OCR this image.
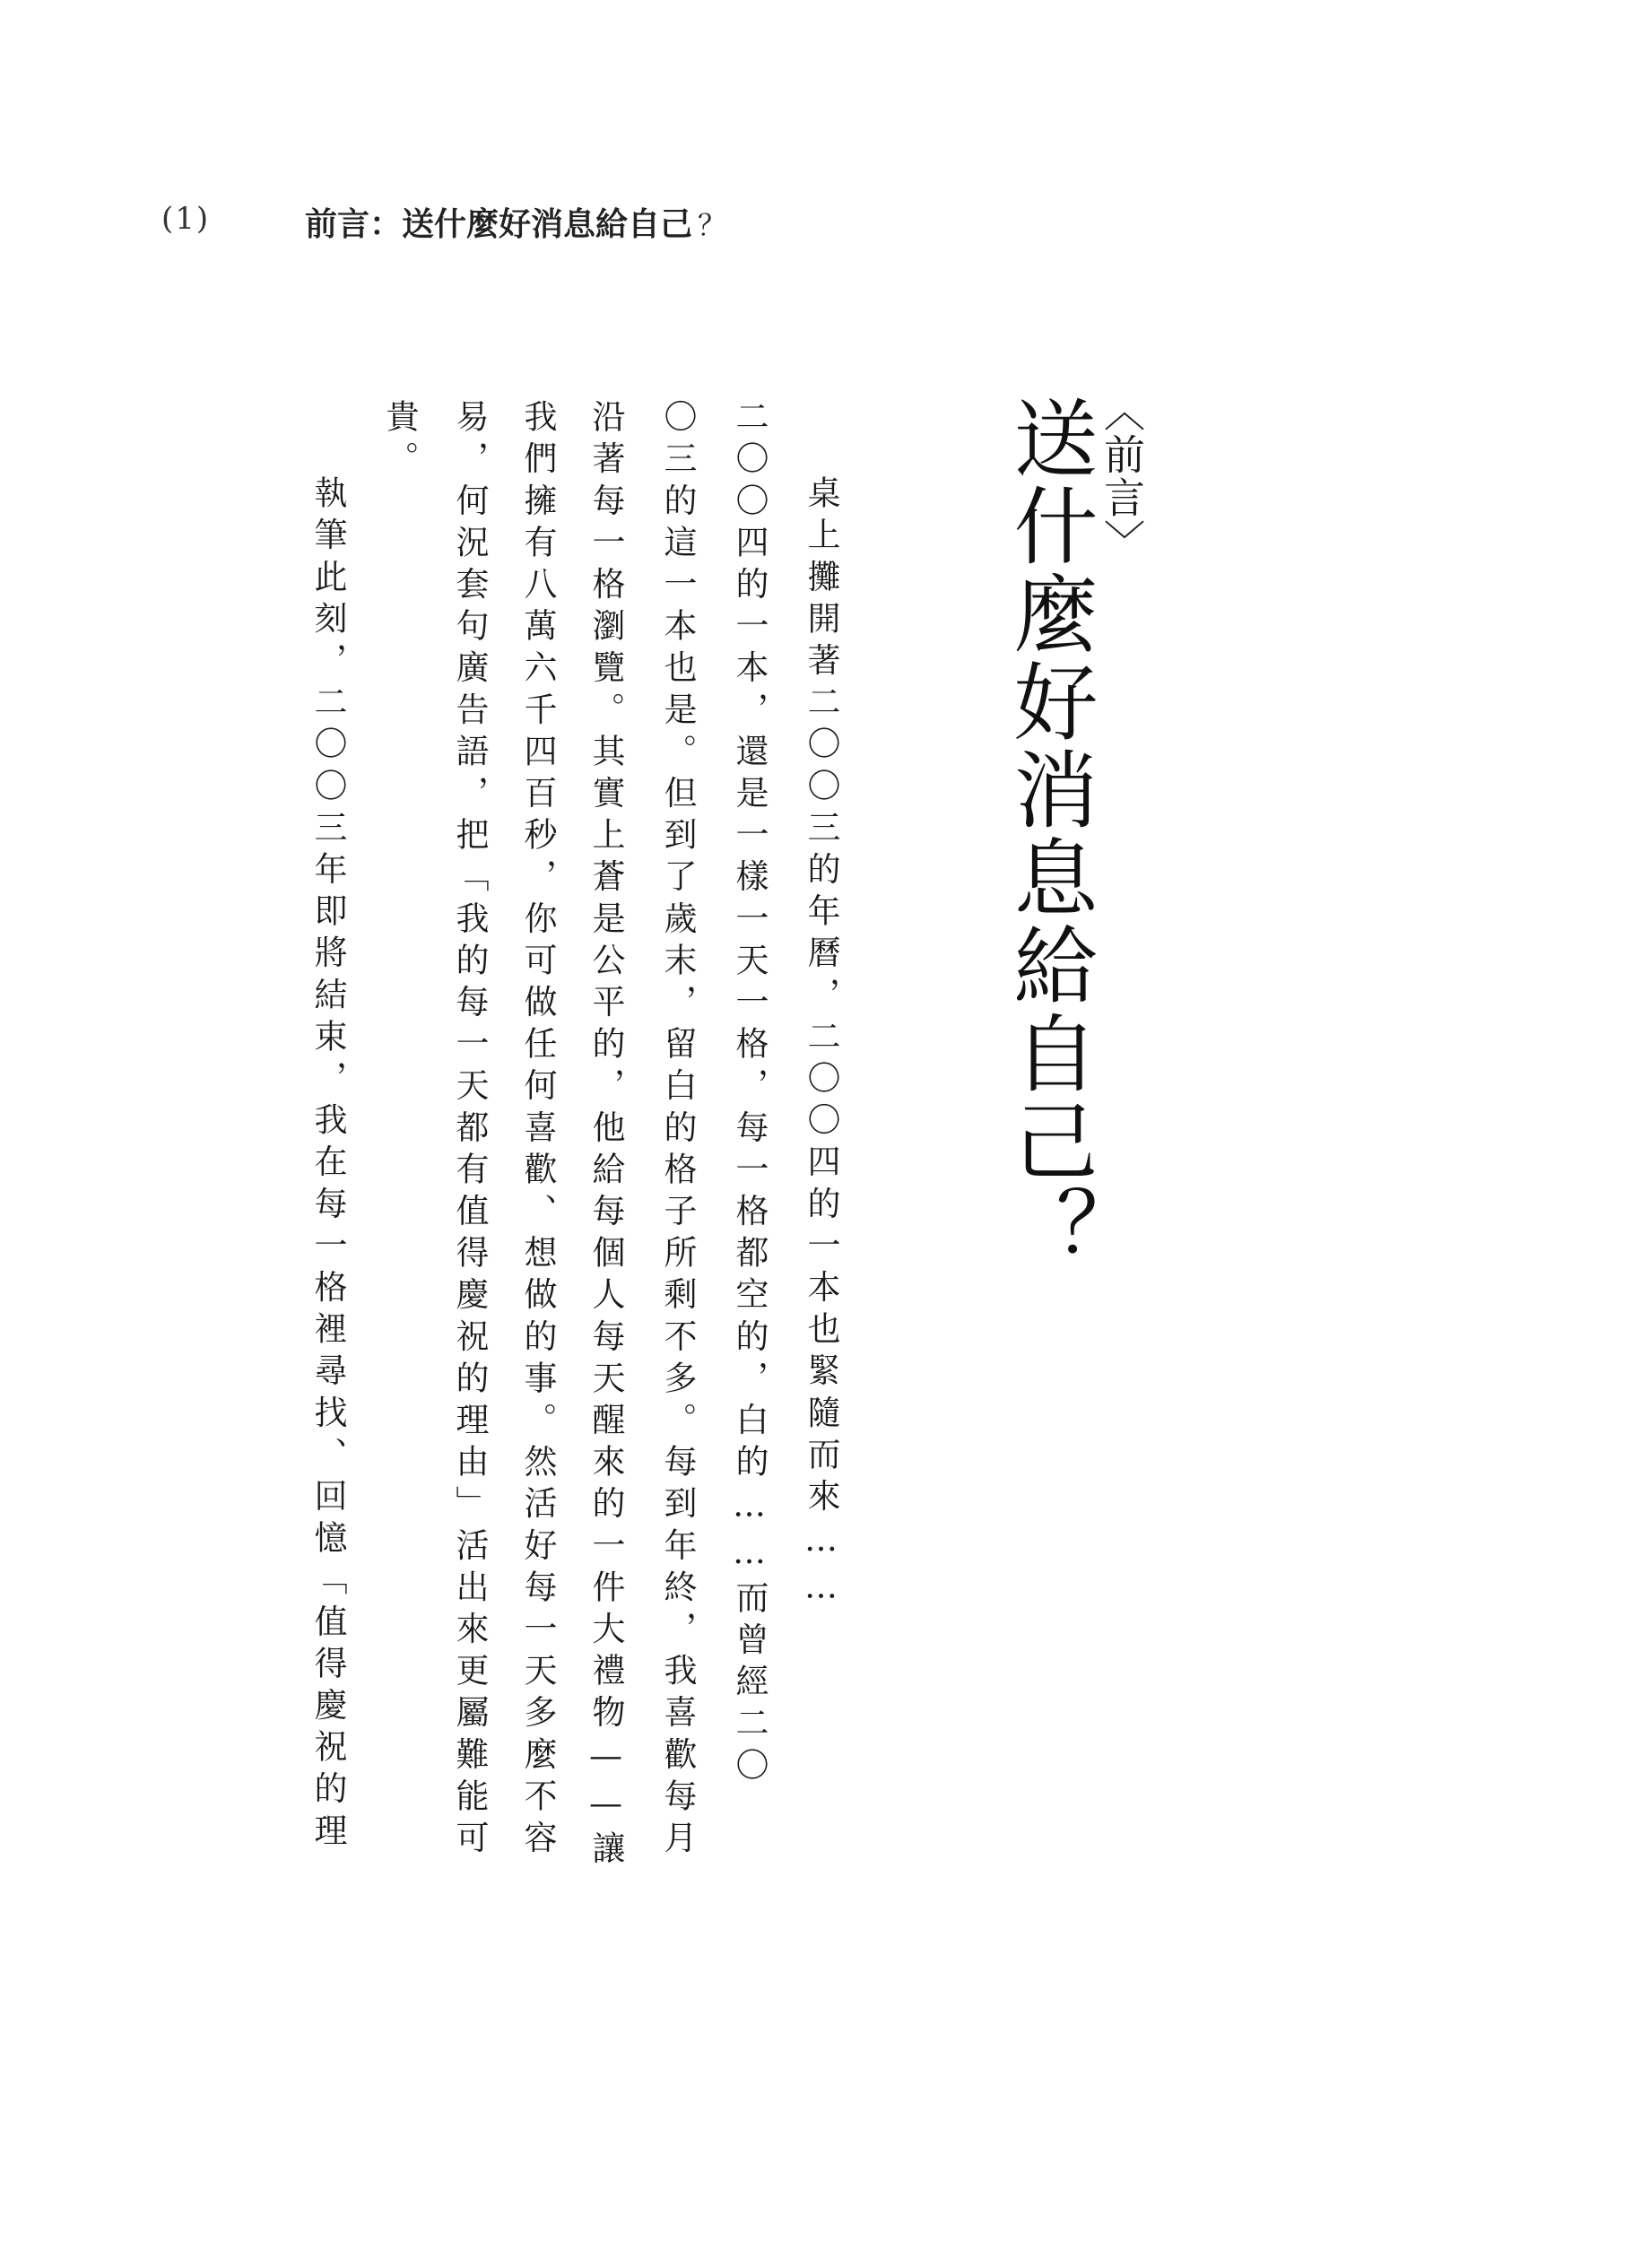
(1)	前言：送什麼好消息給自己 ？
〈前言〉
送什麼好消息給自己？
桌上攤開著二〇〇三的年曆，二〇〇四的一本也緊隨而來……
二〇〇四的一本，還是一樣一天一格，每一格都空的，白的……而曾經二〇
〇三的這一本也是。但到了歲末，留白的格子所剩不多。每到年終，我喜歡每月
沿著每一格瀏覽。其實上蒼是公平的，他給每個人每天醒來的一件大禮物——讓
我們擁有八萬六千四百秒，你可做任何喜歡、想做的事。然活好每一天多麼不容
易，何況套句廣告語，把「我的每一天都有值得慶祝的理由」活出來更屬難能可
貴。
執筆此刻，二〇〇三年即將結束，我在每一格裡尋找、回憶「值得慶祝的理
